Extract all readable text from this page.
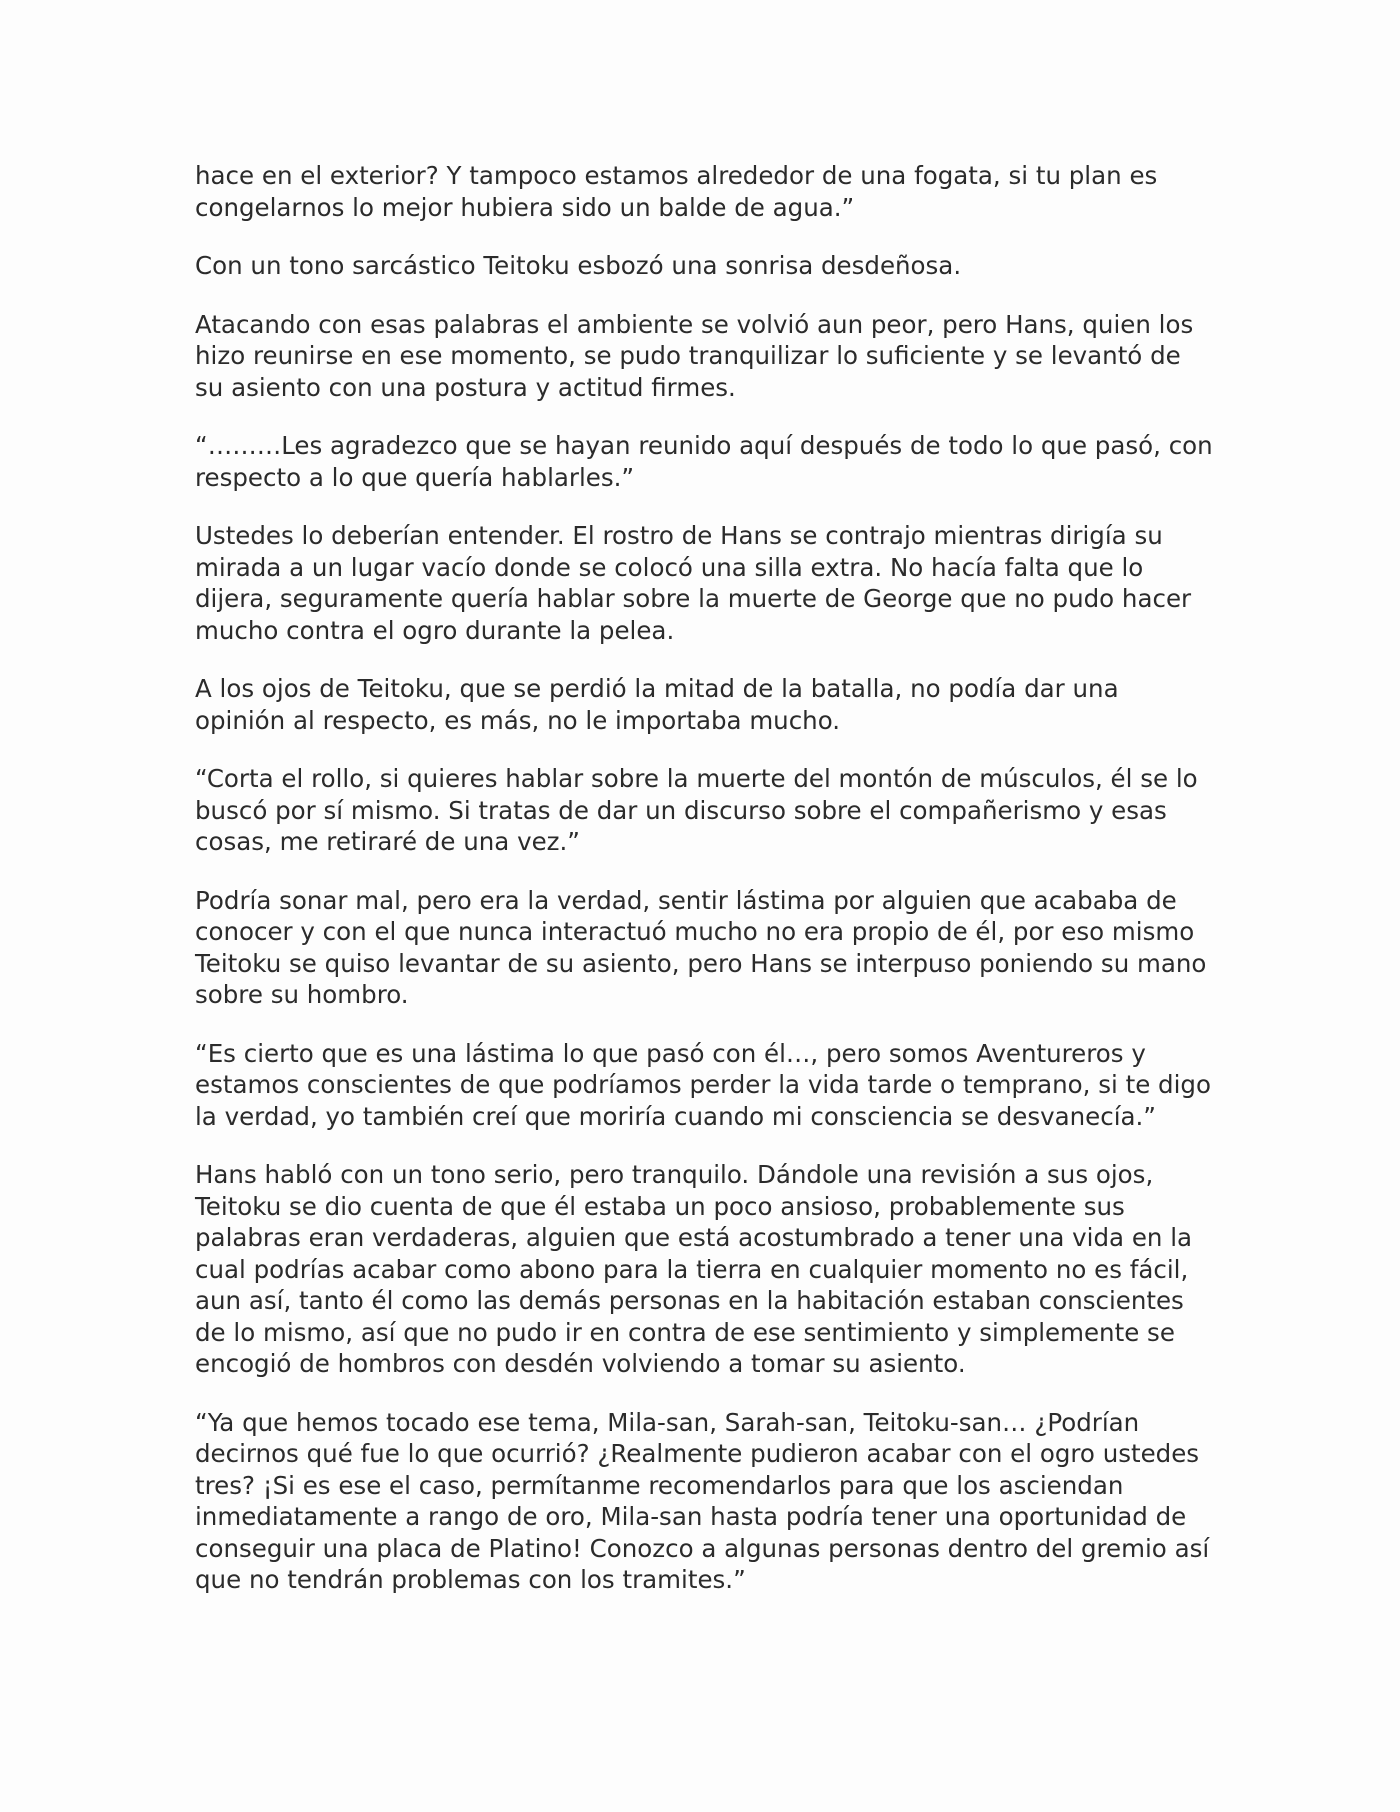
hace en el exterior? Y tampoco estamos alrededor de una fogata, si tu plan es congelarnos lo mejor hubiera sido un balde de agua.”

Con un tono sarcástico Teitoku esbozó una sonrisa desdeñosa.

Atacando con esas palabras el ambiente se volvió aun peor, pero Hans, quien los hizo reunirse en ese momento, se pudo tranquilizar lo suficiente y se levantó de su asiento con una postura y actitud firmes.

“………Les agradezco que se hayan reunido aquí después de todo lo que pasó, con respecto a lo que quería hablarles.”

Ustedes lo deberían entender. El rostro de Hans se contrajo mientras dirigía su mirada a un lugar vacío donde se colocó una silla extra. No hacía falta que lo dijera, seguramente quería hablar sobre la muerte de George que no pudo hacer mucho contra el ogro durante la pelea.

A los ojos de Teitoku, que se perdió la mitad de la batalla, no podía dar una opinión al respecto, es más, no le importaba mucho.

“Corta el rollo, si quieres hablar sobre la muerte del montón de músculos, él se lo buscó por sí mismo. Si tratas de dar un discurso sobre el compañerismo y esas cosas, me retiraré de una vez.”

Podría sonar mal, pero era la verdad, sentir lástima por alguien que acababa de conocer y con el que nunca interactuó mucho no era propio de él, por eso mismo Teitoku se quiso levantar de su asiento, pero Hans se interpuso poniendo su mano sobre su hombro.

“Es cierto que es una lástima lo que pasó con él…, pero somos Aventureros y estamos conscientes de que podríamos perder la vida tarde o temprano, si te digo la verdad, yo también creí que moriría cuando mi consciencia se desvanecía.”

Hans habló con un tono serio, pero tranquilo. Dándole una revisión a sus ojos, Teitoku se dio cuenta de que él estaba un poco ansioso, probablemente sus palabras eran verdaderas, alguien que está acostumbrado a tener una vida en la cual podrías acabar como abono para la tierra en cualquier momento no es fácil, aun así, tanto él como las demás personas en la habitación estaban conscientes de lo mismo, así que no pudo ir en contra de ese sentimiento y simplemente se encogió de hombros con desdén volviendo a tomar su asiento.

“Ya que hemos tocado ese tema, Mila-san, Sarah-san, Teitoku-san… ¿Podrían decirnos qué fue lo que ocurrió? ¿Realmente pudieron acabar con el ogro ustedes tres? ¡Si es ese el caso, permítanme recomendarlos para que los asciendan inmediatamente a rango de oro, Mila-san hasta podría tener una oportunidad de conseguir una placa de Platino! Conozco a algunas personas dentro del gremio así que no tendrán problemas con los tramites.”
